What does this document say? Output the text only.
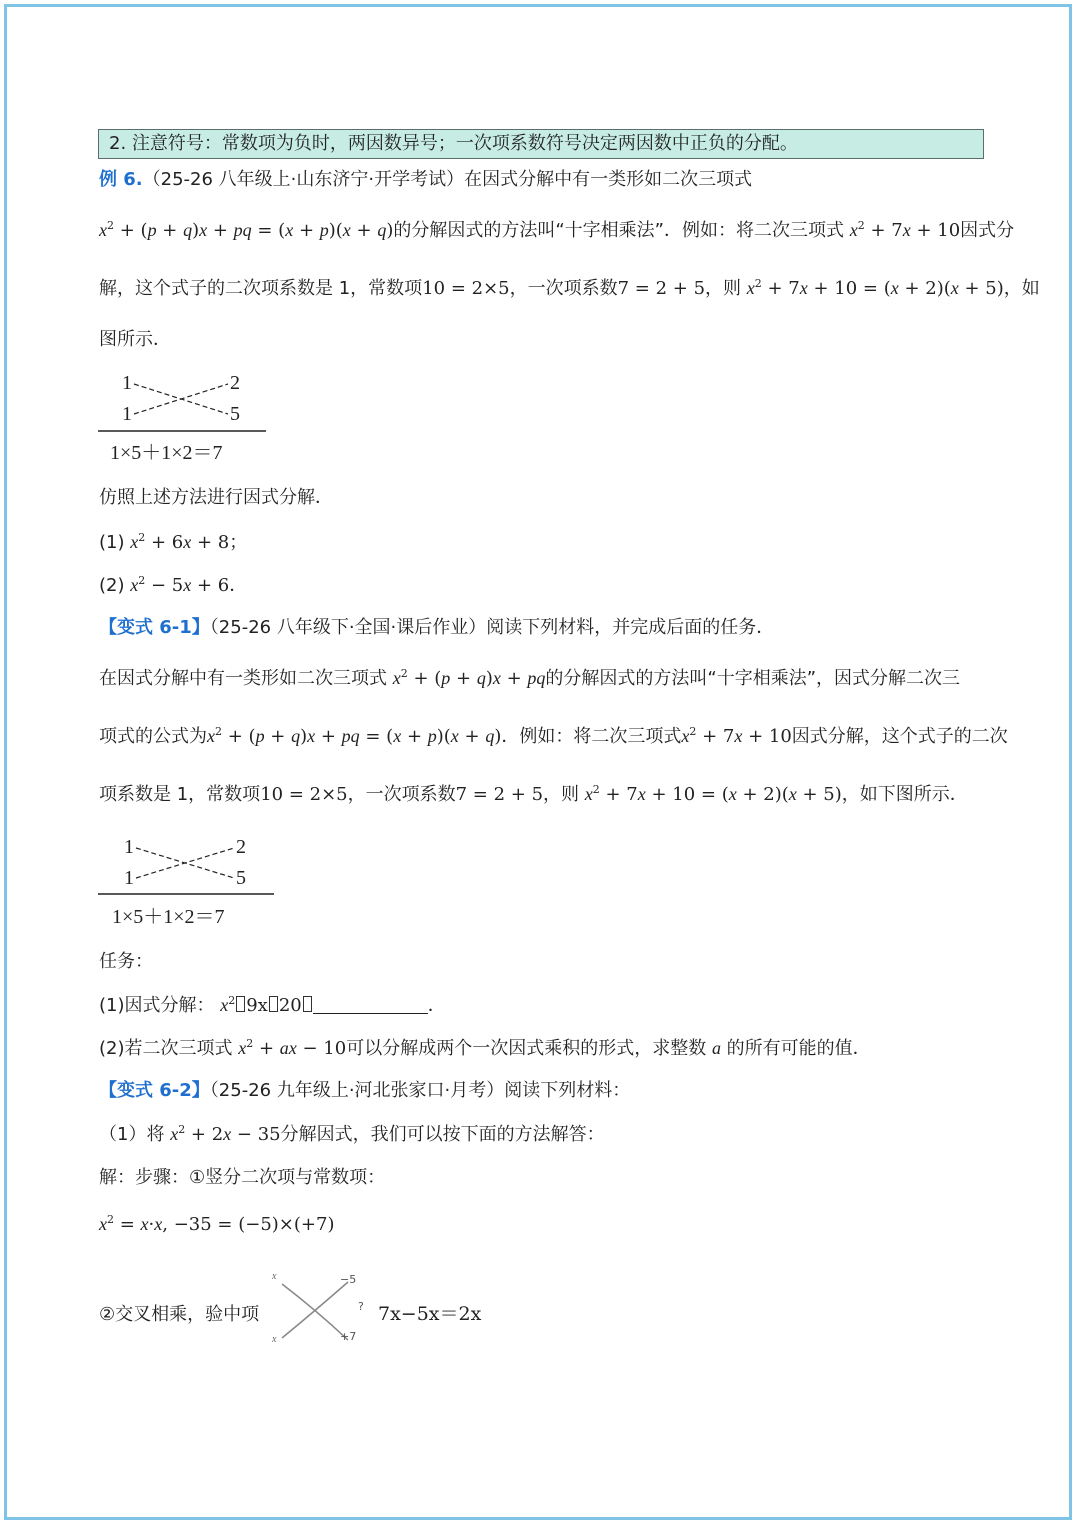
2. 注意符号：常数项为负时，两因数异号；一次项系数符号决定两因数中正负的分配。
例 6.（25-26 八年级上·山东济宁·开学考试）在因式分解中有一类形如二次三项式
$x^2 + (p + q)x$ + pq = (x + p)(x + q)的分解因式的方法叫“十字相乘法”．例如：将二次三项式 $x^2 + 7x + 10$因式分
解，这个式子的二次项系数是 1，常数项10 = 2×5，一次项系数7 = 2 + 5，则 $x^2 + 7x + 10 = (x + 2)(x + 5)$，如
图所示．
1	2
1	5
1×5＋1×2＝7
仿照上述方法进行因式分解．
(1) $x^2 + 6x + 8$；
(2) $x^2 - 5x + 6$．
【变式 6-1】（25-26 八年级下·全国·课后作业）阅读下列材料，并完成后面的任务．
在因式分解中有一类形如二次三项式 $x^2 + (p + q)x$ + pq的分解因式的方法叫“十字相乘法”，因式分解二次三
项式的公式为$x^2 + (p + q)x$ + pq = (x + p)(x + q)．例如：将二次三项式$x^2 + 7x + 10$因式分解，这个式子的二次
项系数是 1，常数项10 = 2×5，一次项系数7 = 2 + 5，则 $x^2 + 7x + 10 = (x + 2)(x + 5)$，如下图所示．
1	2
1	5
1×5＋1×2＝7
任务：
(1)因式分解： $x^2$ 9x 20	．
(2)若二次三项式 $x^2$ + ax − 10可以分解成两个一次因式乘积的形式，求整数 a 的所有可能的值．
【变式 6-2】（25-26 九年级上·河北张家口·月考）阅读下列材料：
（1）将 $x^2 + 2x - 35$分解因式，我们可以按下面的方法解答：
解：步骤：①竖分二次项与常数项：
$x^2 = x\cdot x$, −35 = (−5)×(+7)
②交叉相乘，验中项
x	−5
x	+7
? 7x−5x＝2x
